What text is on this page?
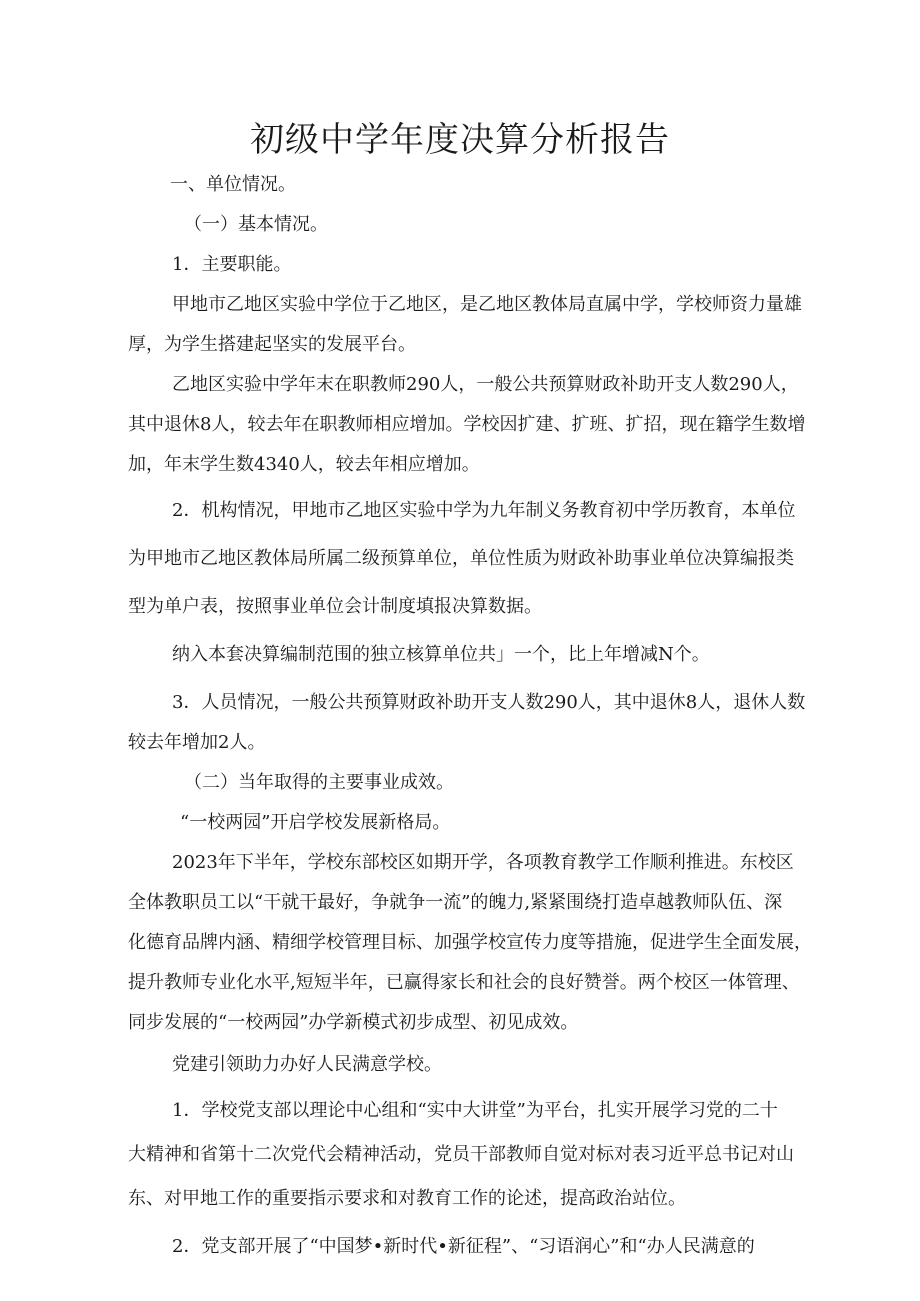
初级中学年度决算分析报告
一、单位情况。
（一）基本情况。
1．主要职能。
甲地市乙地区实验中学位于乙地区，是乙地区教体局直属中学，学校师资力量雄
厚，为学生搭建起坚实的发展平台。
乙地区实验中学年末在职教师290人，一般公共预算财政补助开支人数290人，
其中退休8人，较去年在职教师相应增加。学校因扩建、扩班、扩招，现在籍学生数增
加，年末学生数4340人，较去年相应增加。
2．机构情况，甲地市乙地区实验中学为九年制义务教育初中学历教育，本单位
为甲地市乙地区教体局所属二级预算单位，单位性质为财政补助事业单位决算编报类
型为单户表，按照事业单位会计制度填报决算数据。
纳入本套决算编制范围的独立核算单位共」一个，比上年增减N个。
3．人员情况，一般公共预算财政补助开支人数290人，其中退休8人，退休人数
较去年增加2人。
（二）当年取得的主要事业成效。
“一校两园”开启学校发展新格局。
2023年下半年，学校东部校区如期开学，各项教育教学工作顺利推进。东校区
全体教职员工以“干就干最好，争就争一流”的魄力,紧紧围绕打造卓越教师队伍、深
化德育品牌内涵、精细学校管理目标、加强学校宣传力度等措施，促进学生全面发展，
提升教师专业化水平,短短半年，已赢得家长和社会的良好赞誉。两个校区一体管理、
同步发展的“一校两园”办学新模式初步成型、初见成效。
党建引领助力办好人民满意学校。
1．学校党支部以理论中心组和“实中大讲堂”为平台，扎实开展学习党的二十
大精神和省第十二次党代会精神活动，党员干部教师自觉对标对表习近平总书记对山
东、对甲地工作的重要指示要求和对教育工作的论述，提高政治站位。
2．党支部开展了“中国梦•新时代•新征程”、“习语润心”和“办人民满意的
